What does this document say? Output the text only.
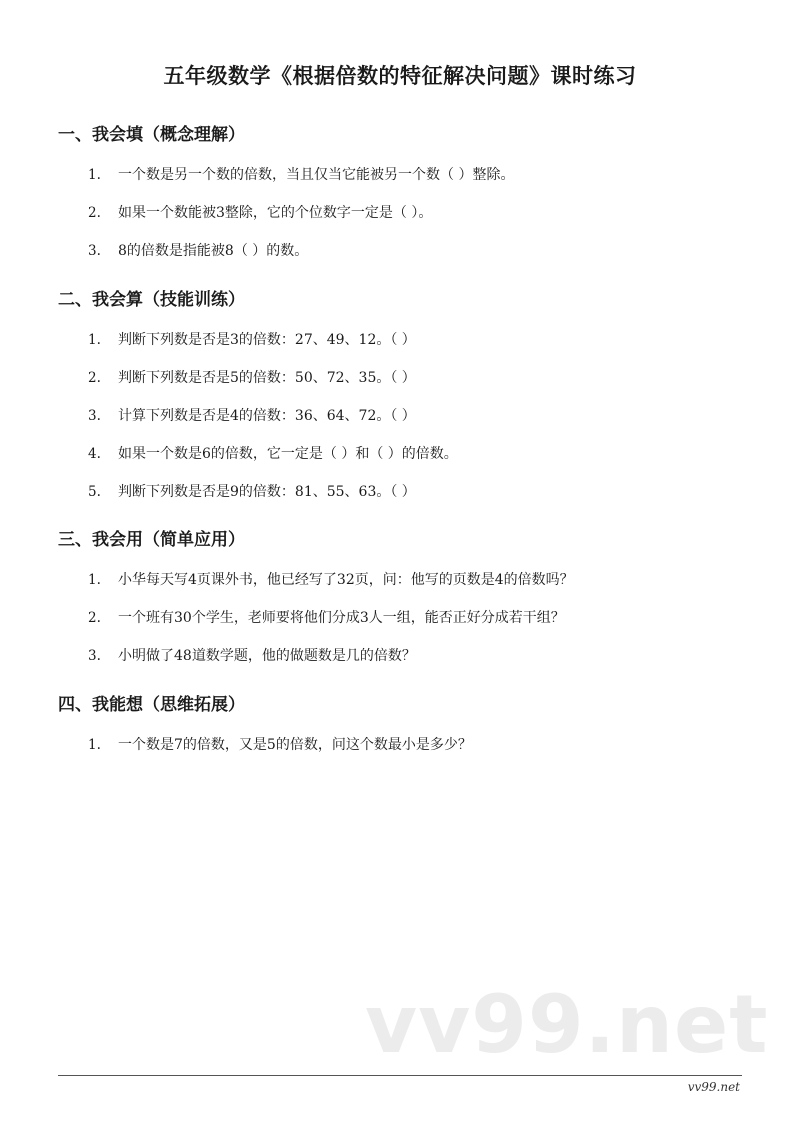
五年级数学《根据倍数的特征解决问题》课时练习
一、我会填（概念理解）
1.	一个数是另一个数的倍数，当且仅当它能被另一个数（ ）整除。
2.	如果一个数能被3整除，它的个位数字一定是（ ）。
3.	8的倍数是指能被8（ ）的数。
二、我会算（技能训练）
1.	判断下列数是否是3的倍数：27、49、12。（ ）
2.	判断下列数是否是5的倍数：50、72、35。（ ）
3.	计算下列数是否是4的倍数：36、64、72。（ ）
4.	如果一个数是6的倍数，它一定是（ ）和（ ）的倍数。
5.	判断下列数是否是9的倍数：81、55、63。（ ）
三、我会用（简单应用）
1.	小华每天写4页课外书，他已经写了32页，问：他写的页数是4的倍数吗？
2.	一个班有30个学生，老师要将他们分成3人一组，能否正好分成若干组？
3.	小明做了48道数学题，他的做题数是几的倍数？
四、我能想（思维拓展）
1.	一个数是7的倍数，又是5的倍数，问这个数最小是多少？
vv99.net
vv99.net
